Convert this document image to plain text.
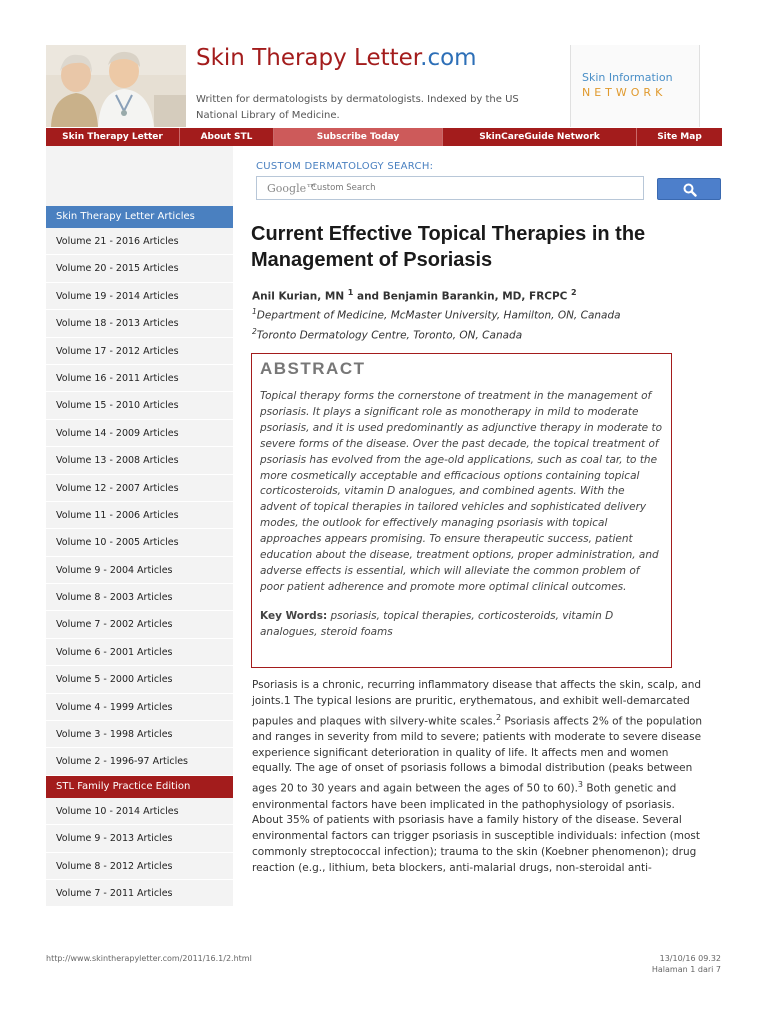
Skin Therapy Letter.com
Written for dermatologists by dermatologists. Indexed by the US National Library of Medicine.
Skin Information
NETWORK
Skin Therapy Letter	About STL	Subscribe Today	SkinCareGuide Network	Site Map
Skin Therapy Letter Articles
Volume 21 - 2016 Articles
Volume 20 - 2015 Articles
Volume 19 - 2014 Articles
Volume 18 - 2013 Articles
Volume 17 - 2012 Articles
Volume 16 - 2011 Articles
Volume 15 - 2010 Articles
Volume 14 - 2009 Articles
Volume 13 - 2008 Articles
Volume 12 - 2007 Articles
Volume 11 - 2006 Articles
Volume 10 - 2005 Articles
Volume 9 - 2004 Articles
Volume 8 - 2003 Articles
Volume 7 - 2002 Articles
Volume 6 - 2001 Articles
Volume 5 - 2000 Articles
Volume 4 - 1999 Articles
Volume 3 - 1998 Articles
Volume 2 - 1996-97 Articles
STL Family Practice Edition
Volume 10 - 2014 Articles
Volume 9 - 2013 Articles
Volume 8 - 2012 Articles
Volume 7 - 2011 Articles
CUSTOM DERMATOLOGY SEARCH:
Google™
Custom Search
Current Effective Topical Therapies in the Management of Psoriasis
Anil Kurian, MN $^1$ and Benjamin Barankin, MD, FRCPC $^2$
$^1$Department of Medicine, McMaster University, Hamilton, ON, Canada
$^2$Toronto Dermatology Centre, Toronto, ON, Canada
ABSTRACT
Topical therapy forms the cornerstone of treatment in the management of psoriasis. It plays a significant role as monotherapy in mild to moderate psoriasis, and it is used predominantly as adjunctive therapy in moderate to severe forms of the disease. Over the past decade, the topical treatment of psoriasis has evolved from the age-old applications, such as coal tar, to the more cosmetically acceptable and efficacious options containing topical corticosteroids, vitamin D analogues, and combined agents. With the advent of topical therapies in tailored vehicles and sophisticated delivery modes, the outlook for effectively managing psoriasis with topical approaches appears promising. To ensure therapeutic success, patient education about the disease, treatment options, proper administration, and adverse effects is essential, which will alleviate the common problem of poor patient adherence and promote more optimal clinical outcomes.
Key Words: psoriasis, topical therapies, corticosteroids, vitamin D analogues, steroid foams
Psoriasis is a chronic, recurring inflammatory disease that affects the skin, scalp, and joints.1 The typical lesions are pruritic, erythematous, and exhibit well-demarcated papules and plaques with silvery-white scales.$^2$ Psoriasis affects 2% of the population and ranges in severity from mild to severe; patients with moderate to severe disease experience significant deterioration in quality of life. It affects men and women equally. The age of onset of psoriasis follows a bimodal distribution (peaks between ages 20 to 30 years and again between the ages of 50 to 60).$^3$ Both genetic and environmental factors have been implicated in the pathophysiology of psoriasis. About 35% of patients with psoriasis have a family history of the disease. Several environmental factors can trigger psoriasis in susceptible individuals: infection (most commonly streptococcal infection); trauma to the skin (Koebner phenomenon); drug reaction (e.g., lithium, beta blockers, anti-malarial drugs, non-steroidal anti-
http://www.skintherapyletter.com/2011/16.1/2.html	13/10/16 09.32
Halaman 1 dari 7
